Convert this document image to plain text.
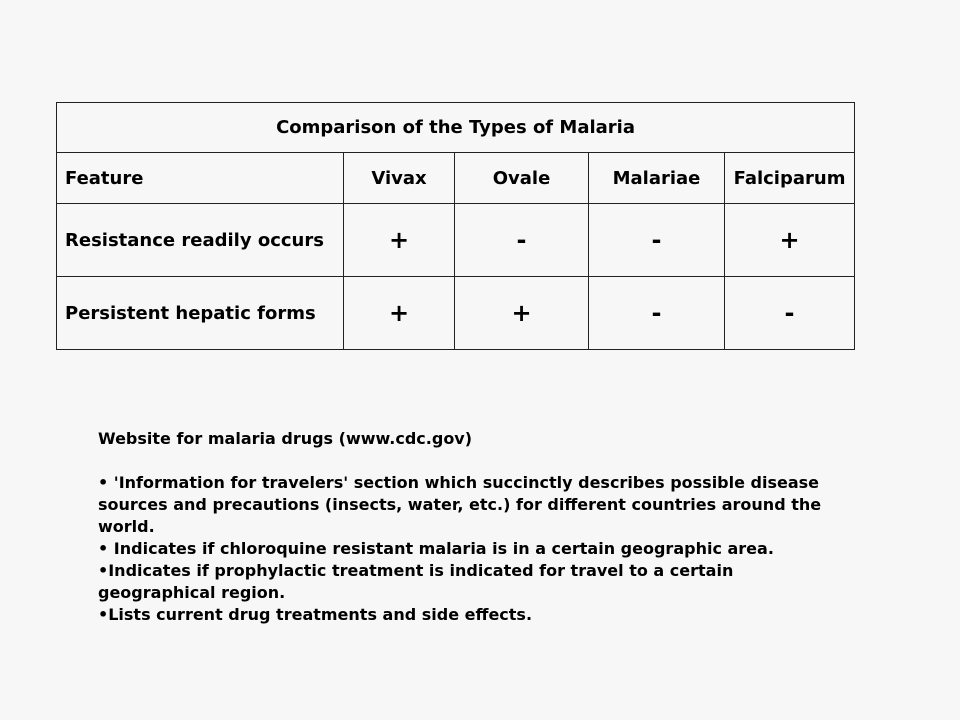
Comparison of the Types of Malaria				
Feature	Vivax	Ovale	Malariae	Falciparum
Resistance readily occurs	+	-	-	+
Persistent hepatic forms	+	+	-	-

Website for malaria drugs (www.cdc.gov)

• 'Information for travelers' section which succinctly describes possible disease sources and precautions (insects, water, etc.) for different countries around the world.

• Indicates if chloroquine resistant malaria is in a certain geographic area.

•Indicates if prophylactic treatment is indicated for travel to a certain geographical region.

•Lists current drug treatments and side effects.
